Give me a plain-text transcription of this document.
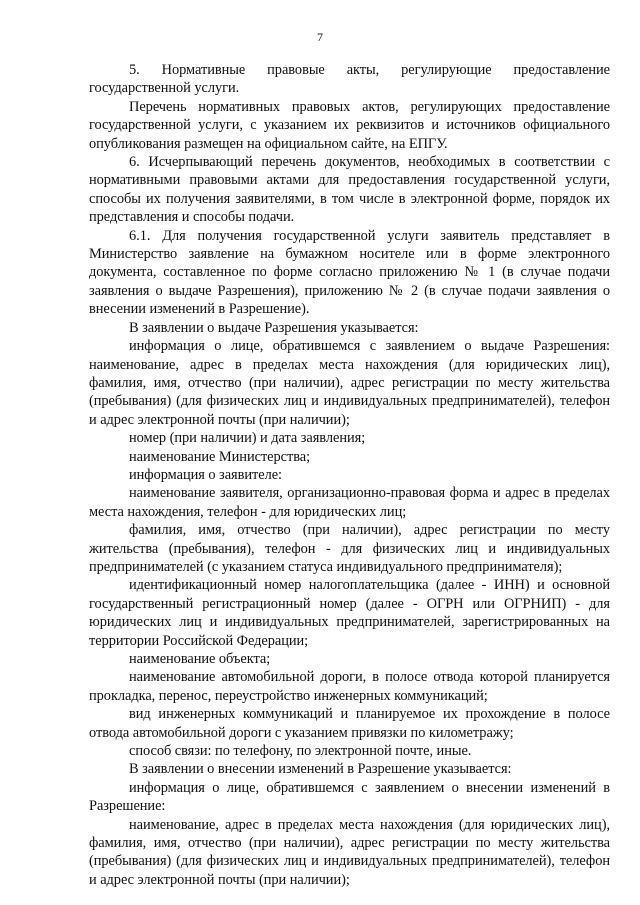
7

5. Нормативные правовые акты, регулирующие предоставление государственной услуги.

Перечень нормативных правовых актов, регулирующих предоставление государственной услуги, с указанием их реквизитов и источников официального опубликования размещен на официальном сайте, на ЕПГУ.

6. Исчерпывающий перечень документов, необходимых в соответствии с нормативными правовыми актами для предоставления государственной услуги, способы их получения заявителями, в том числе в электронной форме, порядок их представления и способы подачи.

6.1. Для получения государственной услуги заявитель представляет в Министерство заявление на бумажном носителе или в форме электронного документа, составленное по форме согласно приложению № 1 (в случае подачи заявления о выдаче Разрешения), приложению № 2 (в случае подачи заявления о внесении изменений в Разрешение).

В заявлении о выдаче Разрешения указывается:

информация о лице, обратившемся с заявлением о выдаче Разрешения: наименование, адрес в пределах места нахождения (для юридических лиц), фамилия, имя, отчество (при наличии), адрес регистрации по месту жительства (пребывания) (для физических лиц и индивидуальных предпринимателей), телефон и адрес электронной почты (при наличии);

номер (при наличии) и дата заявления;

наименование Министерства;

информация о заявителе:

наименование заявителя, организационно-правовая форма и адрес в пределах места нахождения, телефон - для юридических лиц;

фамилия, имя, отчество (при наличии), адрес регистрации по месту жительства (пребывания), телефон - для физических лиц и индивидуальных предпринимателей (с указанием статуса индивидуального предпринимателя);

идентификационный номер налогоплательщика (далее - ИНН) и основной государственный регистрационный номер (далее - ОГРН или ОГРНИП) - для юридических лиц и индивидуальных предпринимателей, зарегистрированных на территории Российской Федерации;

наименование объекта;

наименование автомобильной дороги, в полосе отвода которой планируется прокладка, перенос, переустройство инженерных коммуникаций;

вид инженерных коммуникаций и планируемое их прохождение в полосе отвода автомобильной дороги с указанием привязки по километражу;

способ связи: по телефону, по электронной почте, иные.

В заявлении о внесении изменений в Разрешение указывается:

информация о лице, обратившемся с заявлением о внесении изменений в Разрешение:

наименование, адрес в пределах места нахождения (для юридических лиц), фамилия, имя, отчество (при наличии), адрес регистрации по месту жительства (пребывания) (для физических лиц и индивидуальных предпринимателей), телефон и адрес электронной почты (при наличии);
